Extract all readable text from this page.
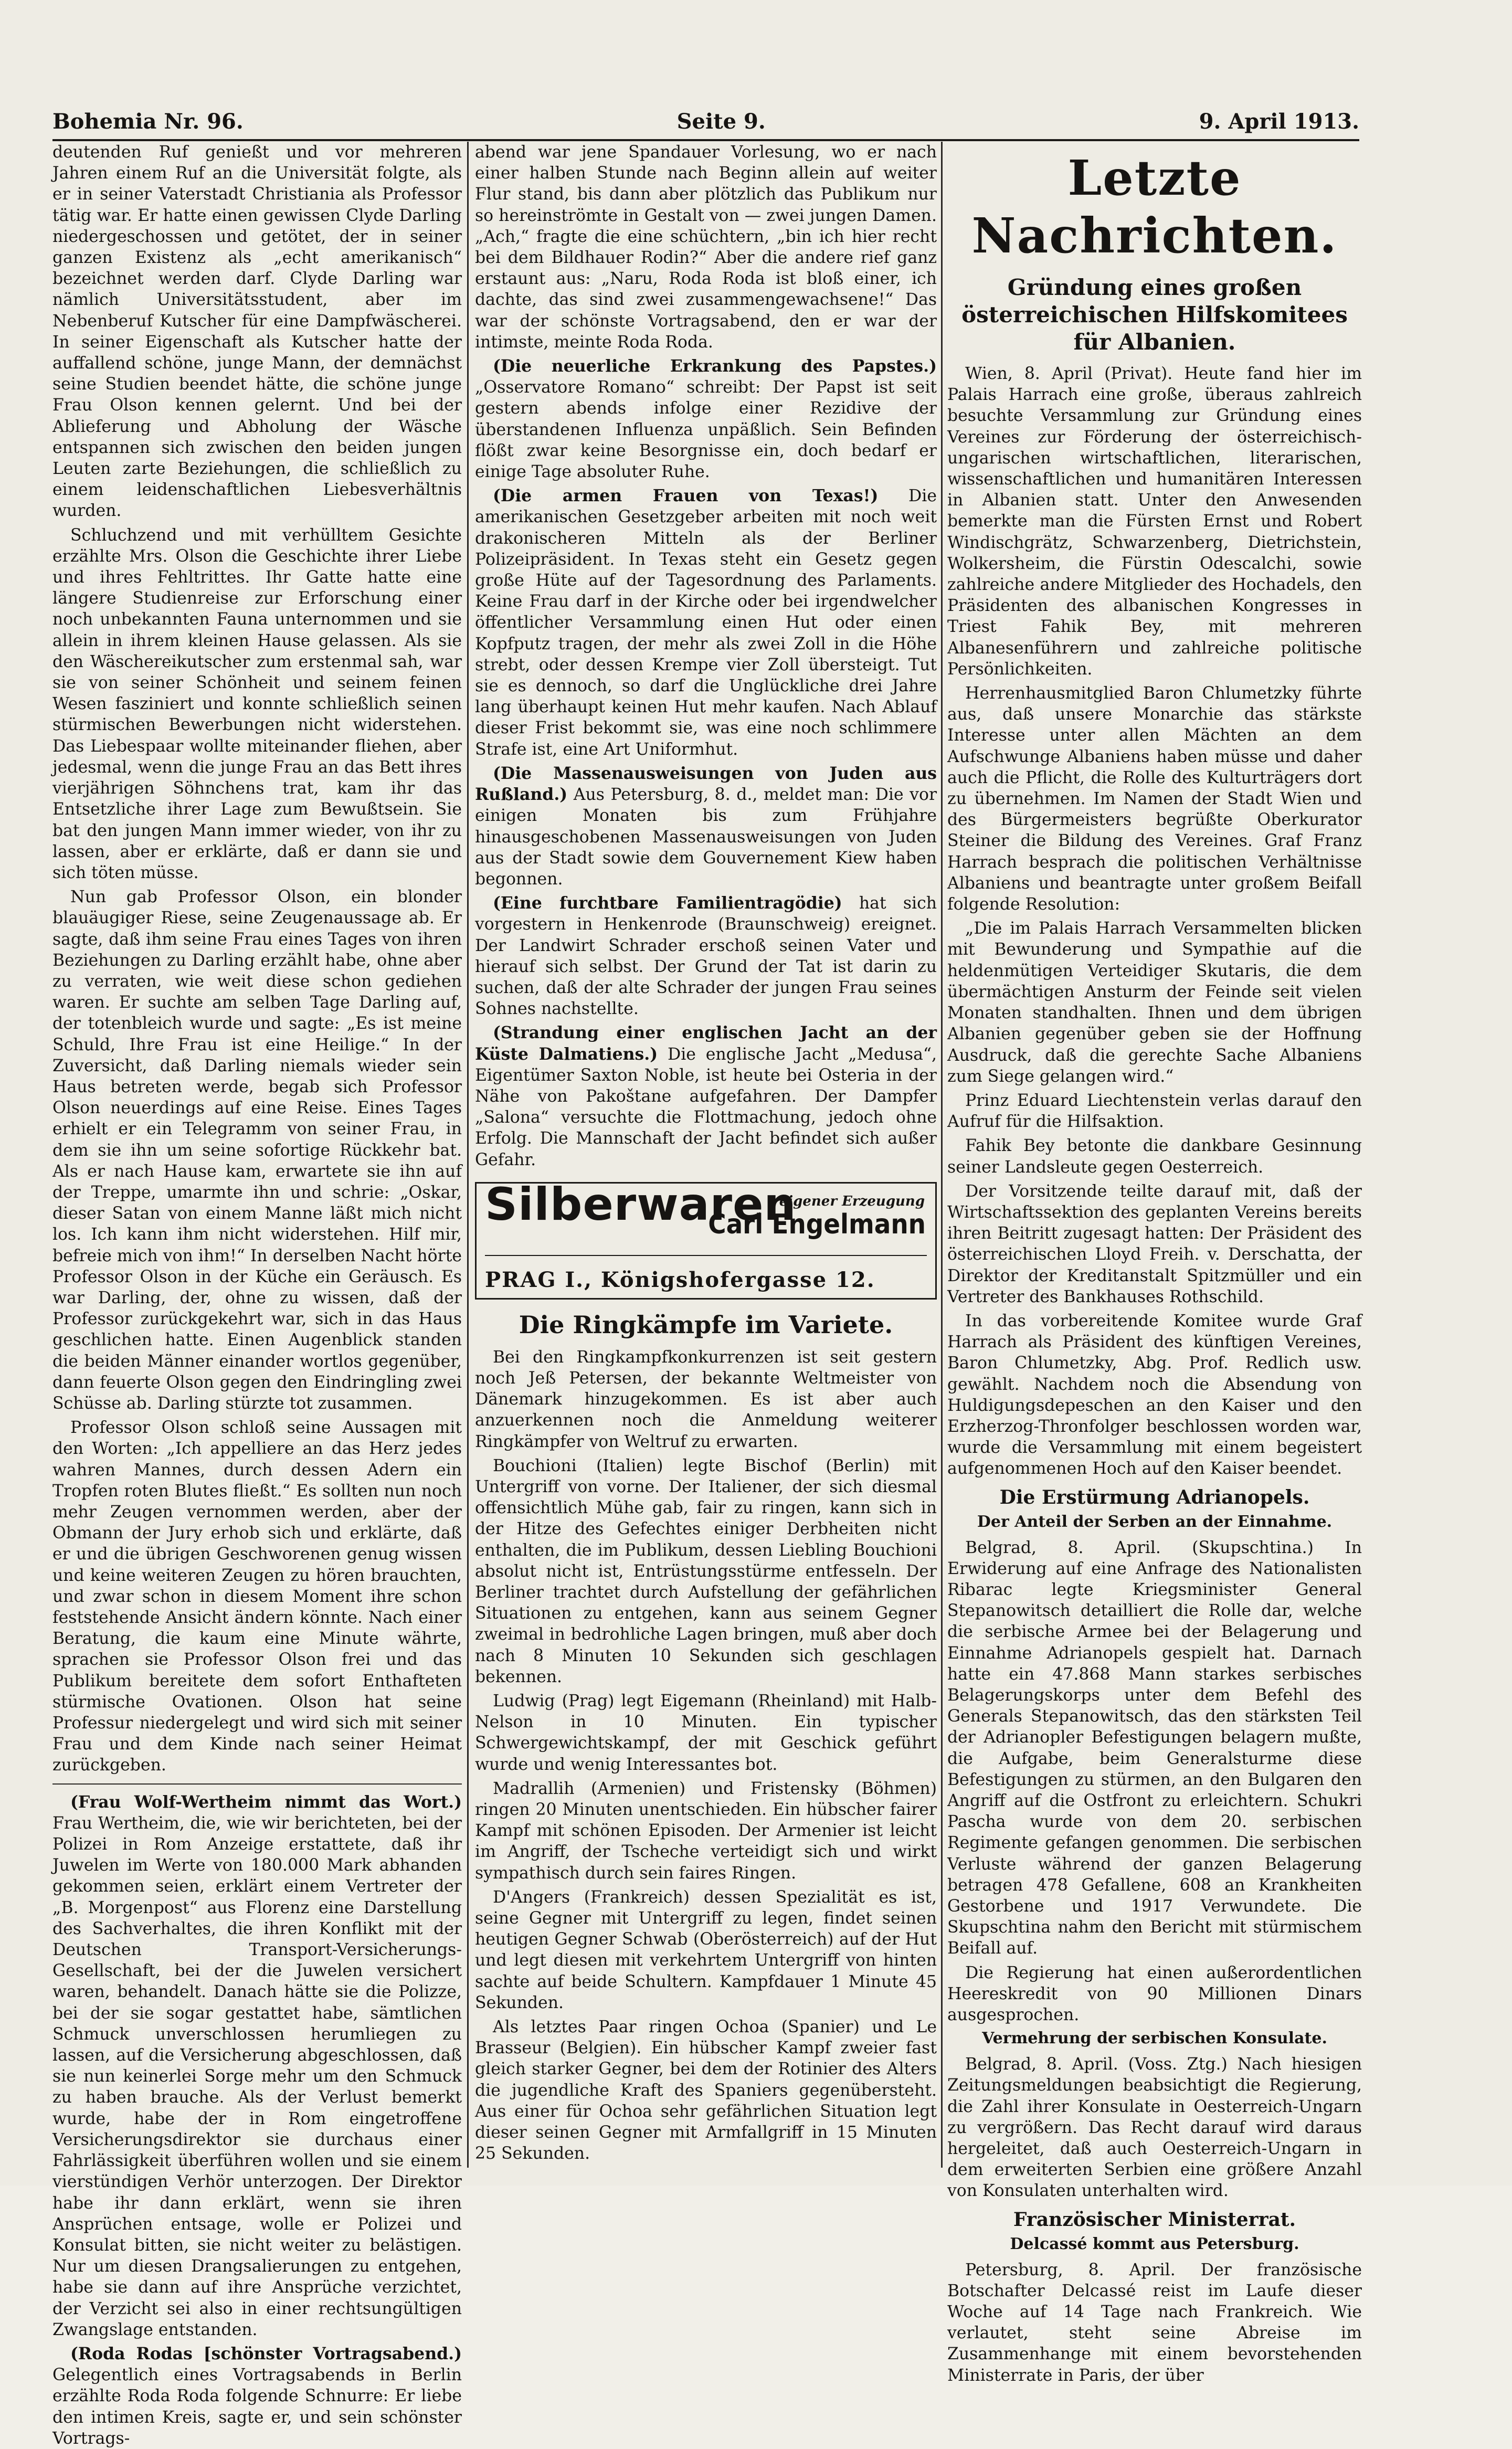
Bohemia Nr. 96.	Seite 9.	9. April 1913.

deutenden Ruf genießt und vor mehreren Jahren einem Ruf an die Universität folgte, als er in seiner Vaterstadt Christiania als Professor tätig war. Er hatte einen gewissen Clyde Darling niedergeschossen und getötet, der in seiner ganzen Existenz als „echt amerikanisch“ bezeichnet werden darf. Clyde Darling war nämlich Universitätsstudent, aber im Nebenberuf Kutscher für eine Dampfwäscherei. In seiner Eigenschaft als Kutscher hatte der auffallend schöne, junge Mann, der demnächst seine Studien beendet hätte, die schöne junge Frau Olson kennen gelernt. Und bei der Ablieferung und Abholung der Wäsche entspannen sich zwischen den beiden jungen Leuten zarte Beziehungen, die schließlich zu einem leidenschaftlichen Liebesverhältnis wurden.

Schluchzend und mit verhülltem Gesichte erzählte Mrs. Olson die Geschichte ihrer Liebe und ihres Fehltrittes. Ihr Gatte hatte eine längere Studienreise zur Erforschung einer noch unbekannten Fauna unternommen und sie allein in ihrem kleinen Hause gelassen. Als sie den Wäschereikutscher zum erstenmal sah, war sie von seiner Schönheit und seinem feinen Wesen fasziniert und konnte schließlich seinen stürmischen Bewerbungen nicht widerstehen. Das Liebespaar wollte miteinander fliehen, aber jedesmal, wenn die junge Frau an das Bett ihres vierjährigen Söhnchens trat, kam ihr das Entsetzliche ihrer Lage zum Bewußtsein. Sie bat den jungen Mann immer wieder, von ihr zu lassen, aber er erklärte, daß er dann sie und sich töten müsse.

Nun gab Professor Olson, ein blonder blauäugiger Riese, seine Zeugenaussage ab. Er sagte, daß ihm seine Frau eines Tages von ihren Beziehungen zu Darling erzählt habe, ohne aber zu verraten, wie weit diese schon gediehen waren. Er suchte am selben Tage Darling auf, der totenbleich wurde und sagte: „Es ist meine Schuld, Ihre Frau ist eine Heilige.“ In der Zuversicht, daß Darling niemals wieder sein Haus betreten werde, begab sich Professor Olson neuerdings auf eine Reise. Eines Tages erhielt er ein Telegramm von seiner Frau, in dem sie ihn um seine sofortige Rückkehr bat. Als er nach Hause kam, erwartete sie ihn auf der Treppe, umarmte ihn und schrie: „Oskar, dieser Satan von einem Manne läßt mich nicht los. Ich kann ihm nicht widerstehen. Hilf mir, befreie mich von ihm!“ In derselben Nacht hörte Professor Olson in der Küche ein Geräusch. Es war Darling, der, ohne zu wissen, daß der Professor zurückgekehrt war, sich in das Haus geschlichen hatte. Einen Augenblick standen die beiden Männer einander wortlos gegenüber, dann feuerte Olson gegen den Eindringling zwei Schüsse ab. Darling stürzte tot zusammen.

Professor Olson schloß seine Aussagen mit den Worten: „Ich appelliere an das Herz jedes wahren Mannes, durch dessen Adern ein Tropfen roten Blutes fließt.“ Es sollten nun noch mehr Zeugen vernommen werden, aber der Obmann der Jury erhob sich und erklärte, daß er und die übrigen Geschworenen genug wissen und keine weiteren Zeugen zu hören brauchten, und zwar schon in diesem Moment ihre schon feststehende Ansicht ändern könnte. Nach einer Beratung, die kaum eine Minute währte, sprachen sie Professor Olson frei und das Publikum bereitete dem sofort Enthafteten stürmische Ovationen. Olson hat seine Professur niedergelegt und wird sich mit seiner Frau und dem Kinde nach seiner Heimat zurückgeben.

(Frau Wolf-Wertheim nimmt das Wort.) Frau Wertheim, die, wie wir berichteten, bei der Polizei in Rom Anzeige erstattete, daß ihr Juwelen im Werte von 180.000 Mark abhanden gekommen seien, erklärt einem Vertreter der „B. Morgenpost“ aus Florenz eine Darstellung des Sachverhaltes, die ihren Konflikt mit der Deutschen Transport-Versicherungs-Gesellschaft, bei der die Juwelen versichert waren, behandelt. Danach hätte sie die Polizze, bei der sie sogar gestattet habe, sämtlichen Schmuck unverschlossen herumliegen zu lassen, auf die Versicherung abgeschlossen, daß sie nun keinerlei Sorge mehr um den Schmuck zu haben brauche. Als der Verlust bemerkt wurde, habe der in Rom eingetroffene Versicherungsdirektor sie durchaus einer Fahrlässigkeit überführen wollen und sie einem vierstündigen Verhör unterzogen. Der Direktor habe ihr dann erklärt, wenn sie ihren Ansprüchen entsage, wolle er Polizei und Konsulat bitten, sie nicht weiter zu belästigen. Nur um diesen Drangsalierungen zu entgehen, habe sie dann auf ihre Ansprüche verzichtet, der Verzicht sei also in einer rechtsungültigen Zwangslage entstanden.

(Roda Rodas [schönster Vortragsabend.) Gelegentlich eines Vortragsabends in Berlin erzählte Roda Roda folgende Schnurre: Er liebe den intimen Kreis, sagte er, und sein schönster Vortrags-

abend war jene Spandauer Vorlesung, wo er nach einer halben Stunde nach Beginn allein auf weiter Flur stand, bis dann aber plötzlich das Publikum nur so hereinströmte in Gestalt von — zwei jungen Damen. „Ach,“ fragte die eine schüchtern, „bin ich hier recht bei dem Bildhauer Rodin?“ Aber die andere rief ganz erstaunt aus: „Naru, Roda Roda ist bloß einer, ich dachte, das sind zwei zusammengewachsene!“ Das war der schönste Vortragsabend, den er war der intimste, meinte Roda Roda.

(Die neuerliche Erkrankung des Papstes.) „Osservatore Romano“ schreibt: Der Papst ist seit gestern abends infolge einer Rezidive der überstandenen Influenza unpäßlich. Sein Befinden flößt zwar keine Besorgnisse ein, doch bedarf er einige Tage absoluter Ruhe.

(Die armen Frauen von Texas!) Die amerikanischen Gesetzgeber arbeiten mit noch weit drakonischeren Mitteln als der Berliner Polizeipräsident. In Texas steht ein Gesetz gegen große Hüte auf der Tagesordnung des Parlaments. Keine Frau darf in der Kirche oder bei irgendwelcher öffentlicher Versammlung einen Hut oder einen Kopfputz tragen, der mehr als zwei Zoll in die Höhe strebt, oder dessen Krempe vier Zoll übersteigt. Tut sie es dennoch, so darf die Unglückliche drei Jahre lang überhaupt keinen Hut mehr kaufen. Nach Ablauf dieser Frist bekommt sie, was eine noch schlimmere Strafe ist, eine Art Uniformhut.

(Die Massenausweisungen von Juden aus Rußland.) Aus Petersburg, 8. d., meldet man: Die vor einigen Monaten bis zum Frühjahre hinausgeschobenen Massenausweisungen von Juden aus der Stadt sowie dem Gouvernement Kiew haben begonnen.

(Eine furchtbare Familientragödie) hat sich vorgestern in Henkenrode (Braunschweig) ereignet. Der Landwirt Schrader erschoß seinen Vater und hierauf sich selbst. Der Grund der Tat ist darin zu suchen, daß der alte Schrader der jungen Frau seines Sohnes nachstellte.

(Strandung einer englischen Jacht an der Küste Dalmatiens.) Die englische Jacht „Medusa“, Eigentümer Saxton Noble, ist heute bei Osteria in der Nähe von Pakoštane aufgefahren. Der Dampfer „Salona“ versuchte die Flottmachung, jedoch ohne Erfolg. Die Mannschaft der Jacht befindet sich außer Gefahr.

Silberwaren
eigener Erzeugung
Carl Engelmann
PRAG I., Königshofergasse 12.
Die Ringkämpfe im Variete.

Bei den Ringkampfkonkurrenzen ist seit gestern noch Jeß Petersen, der bekannte Weltmeister von Dänemark hinzugekommen. Es ist aber auch anzuerkennen noch die Anmeldung weiterer Ringkämpfer von Weltruf zu erwarten.

Bouchioni (Italien) legte Bischof (Berlin) mit Untergriff von vorne. Der Italiener, der sich diesmal offensichtlich Mühe gab, fair zu ringen, kann sich in der Hitze des Gefechtes einiger Derbheiten nicht enthalten, die im Publikum, dessen Liebling Bouchioni absolut nicht ist, Entrüstungsstürme entfesseln. Der Berliner trachtet durch Aufstellung der gefährlichen Situationen zu entgehen, kann aus seinem Gegner zweimal in bedrohliche Lagen bringen, muß aber doch nach 8 Minuten 10 Sekunden sich geschlagen bekennen.

Ludwig (Prag) legt Eigemann (Rheinland) mit Halb-Nelson in 10 Minuten. Ein typischer Schwergewichtskampf, der mit Geschick geführt wurde und wenig Interessantes bot.

Madrallih (Armenien) und Fristensky (Böhmen) ringen 20 Minuten unentschieden. Ein hübscher fairer Kampf mit schönen Episoden. Der Armenier ist leicht im Angriff, der Tscheche verteidigt sich und wirkt sympathisch durch sein faires Ringen.

D'Angers (Frankreich) dessen Spezialität es ist, seine Gegner mit Untergriff zu legen, findet seinen heutigen Gegner Schwab (Oberösterreich) auf der Hut und legt diesen mit verkehrtem Untergriff von hinten sachte auf beide Schultern. Kampfdauer 1 Minute 45 Sekunden.

Als letztes Paar ringen Ochoa (Spanier) und Le Brasseur (Belgien). Ein hübscher Kampf zweier fast gleich starker Gegner, bei dem der Rotinier des Alters die jugendliche Kraft des Spaniers gegenübersteht. Aus einer für Ochoa sehr gefährlichen Situation legt dieser seinen Gegner mit Armfallgriff in 15 Minuten 25 Sekunden.

Letzte Nachrichten.
Gründung eines großen österreichischen Hilfskomitees für Albanien.

Wien, 8. April (Privat). Heute fand hier im Palais Harrach eine große, überaus zahlreich besuchte Versammlung zur Gründung eines Vereines zur Förderung der österreichisch-ungarischen wirtschaftlichen, literarischen, wissenschaftlichen und humanitären Interessen in Albanien statt. Unter den Anwesenden bemerkte man die Fürsten Ernst und Robert Windischgrätz, Schwarzenberg, Dietrichstein, Wolkersheim, die Fürstin Odescalchi, sowie zahlreiche andere Mitglieder des Hochadels, den Präsidenten des albanischen Kongresses in Triest Fahik Bey, mit mehreren Albanesenführern und zahlreiche politische Persönlichkeiten.

Herrenhausmitglied Baron Chlumetzky führte aus, daß unsere Monarchie das stärkste Interesse unter allen Mächten an dem Aufschwunge Albaniens haben müsse und daher auch die Pflicht, die Rolle des Kulturträgers dort zu übernehmen. Im Namen der Stadt Wien und des Bürgermeisters begrüßte Oberkurator Steiner die Bildung des Vereines. Graf Franz Harrach besprach die politischen Verhältnisse Albaniens und beantragte unter großem Beifall folgende Resolution:

„Die im Palais Harrach Versammelten blicken mit Bewunderung und Sympathie auf die heldenmütigen Verteidiger Skutaris, die dem übermächtigen Ansturm der Feinde seit vielen Monaten standhalten. Ihnen und dem übrigen Albanien gegenüber geben sie der Hoffnung Ausdruck, daß die gerechte Sache Albaniens zum Siege gelangen wird.“

Prinz Eduard Liechtenstein verlas darauf den Aufruf für die Hilfsaktion.

Fahik Bey betonte die dankbare Gesinnung seiner Landsleute gegen Oesterreich.

Der Vorsitzende teilte darauf mit, daß der Wirtschaftssektion des geplanten Vereins bereits ihren Beitritt zugesagt hatten: Der Präsident des österreichischen Lloyd Freih. v. Derschatta, der Direktor der Kreditanstalt Spitzmüller und ein Vertreter des Bankhauses Rothschild.

In das vorbereitende Komitee wurde Graf Harrach als Präsident des künftigen Vereines, Baron Chlumetzky, Abg. Prof. Redlich usw. gewählt. Nachdem noch die Absendung von Huldigungsdepeschen an den Kaiser und den Erzherzog-Thronfolger beschlossen worden war, wurde die Versammlung mit einem begeistert aufgenommenen Hoch auf den Kaiser beendet.

Die Erstürmung Adrianopels.
Der Anteil der Serben an der Einnahme.

Belgrad, 8. April. (Skupschtina.) In Erwiderung auf eine Anfrage des Nationalisten Ribarac legte Kriegsminister General Stepanowitsch detailliert die Rolle dar, welche die serbische Armee bei der Belagerung und Einnahme Adrianopels gespielt hat. Darnach hatte ein 47.868 Mann starkes serbisches Belagerungskorps unter dem Befehl des Generals Stepanowitsch, das den stärksten Teil der Adrianopler Befestigungen belagern mußte, die Aufgabe, beim Generalsturme diese Befestigungen zu stürmen, an den Bulgaren den Angriff auf die Ostfront zu erleichtern. Schukri Pascha wurde von dem 20. serbischen Regimente gefangen genommen. Die serbischen Verluste während der ganzen Belagerung betragen 478 Gefallene, 608 an Krankheiten Gestorbene und 1917 Verwundete. Die Skupschtina nahm den Bericht mit stürmischem Beifall auf.

Die Regierung hat einen außerordentlichen Heereskredit von 90 Millionen Dinars ausgesprochen.

Vermehrung der serbischen Konsulate.

Belgrad, 8. April. (Voss. Ztg.) Nach hiesigen Zeitungsmeldungen beabsichtigt die Regierung, die Zahl ihrer Konsulate in Oesterreich-Ungarn zu vergrößern. Das Recht darauf wird daraus hergeleitet, daß auch Oesterreich-Ungarn in dem erweiterten Serbien eine größere Anzahl von Konsulaten unterhalten wird.

Französischer Ministerrat.
Delcassé kommt aus Petersburg.

Petersburg, 8. April. Der französische Botschafter Delcassé reist im Laufe dieser Woche auf 14 Tage nach Frankreich. Wie verlautet, steht seine Abreise im Zusammenhange mit einem bevorstehenden Ministerrate in Paris, der über
